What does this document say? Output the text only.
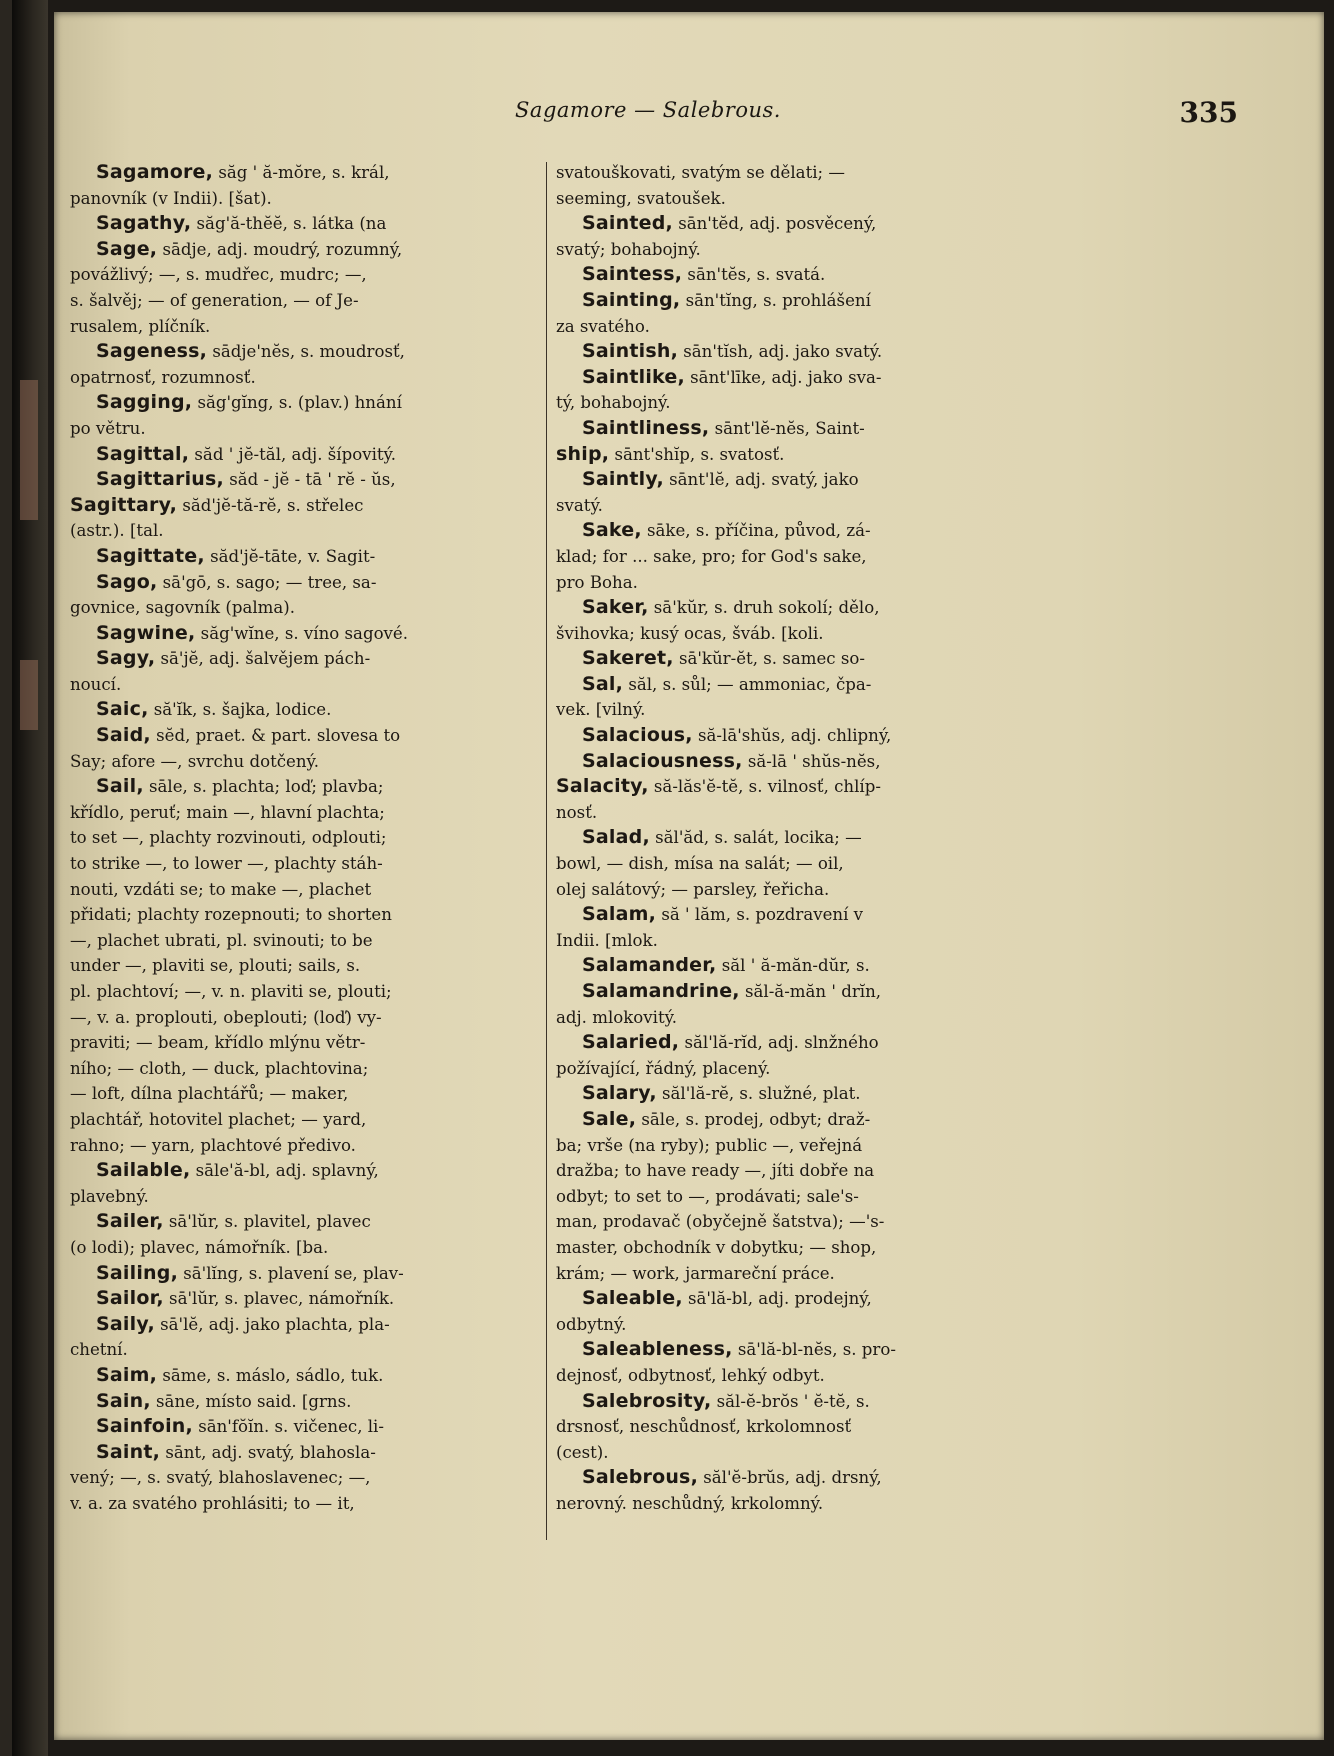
Sagamore — Salebrous.	335
Sagamore, săg ' ă-mŏre, s. král,
panovník (v Indii). [šat).
Sagathy, săg'ă-thĕĕ, s. látka (na
Sage, sādje, adj. moudrý, rozumný,
povážlivý; —, s. mudřec, mudrc; —,
s. šalvěj; — of generation, — of Je-
rusalem, plíčník.
Sageness, sādje'nĕs, s. moudrosť,
opatrnosť, rozumnosť.
Sagging, săg'gĭng, s. (plav.) hnání
po větru.
Sagittal, săd ' jĕ-tăl, adj. šípovitý.
Sagittarius, săd - jĕ - tā ' rĕ - ŭs,
Sagittary, săd'jĕ-tă-rĕ, s. střelec
(astr.). [tal.
Sagittate, săd'jĕ-tāte, v. Sagit-
Sago, sā'gō, s. sago; — tree, sa-
govnice, sagovník (palma).
Sagwine, săg'wĭne, s. víno sagové.
Sagy, sā'jĕ, adj. šalvějem pách-
noucí.
Saic, să'ĭk, s. šajka, lodice.
Said, sĕd, praet. & part. slovesa to
Say; afore —, svrchu dotčený.
Sail, sāle, s. plachta; loď; plavba;
křídlo, peruť; main —, hlavní plachta;
to set —, plachty rozvinouti, odplouti;
to strike —, to lower —, plachty stáh-
nouti, vzdáti se; to make —, plachet
přidati; plachty rozepnouti; to shorten
—, plachet ubrati, pl. svinouti; to be
under —, plaviti se, plouti; sails, s.
pl. plachtoví; —, v. n. plaviti se, plouti;
—, v. a. proplouti, obeplouti; (loď) vy-
praviti; — beam, křídlo mlýnu větr-
ního; — cloth, — duck, plachtovina;
— loft, dílna plachtářů; — maker,
plachtář, hotovitel plachet; — yard,
rahno; — yarn, plachtové předivo.
Sailable, sāle'ă-bl, adj. splavný,
plavebný.
Sailer, sā'lŭr, s. plavitel, plavec
(o lodi); plavec, námořník. [ba.
Sailing, sā'lĭng, s. plavení se, plav-
Sailor, sā'lŭr, s. plavec, námořník.
Saily, sā'lĕ, adj. jako plachta, pla-
chetní.
Saim, sāme, s. máslo, sádlo, tuk.
Sain, sāne, místo said. [grns.
Sainfoin, sān'fŏĭn. s. vičenec, li-
Saint, sānt, adj. svatý, blahosla-
vený; —, s. svatý, blahoslavenec; —,
v. a. za svatého prohlásiti; to — it,
svatouškovati, svatým se dělati; —
seeming, svatoušek.
Sainted, sān'tĕd, adj. posvěcený,
svatý; bohabojný.
Saintess, sān'tĕs, s. svatá.
Sainting, sān'tĭng, s. prohlášení
za svatého.
Saintish, sān'tĭsh, adj. jako svatý.
Saintlike, sānt'līke, adj. jako sva-
tý, bohabojný.
Saintliness, sānt'lĕ-nĕs, Saint-
ship, sānt'shĭp, s. svatosť.
Saintly, sānt'lĕ, adj. svatý, jako
svatý.
Sake, sāke, s. příčina, původ, zá-
klad; for ... sake, pro; for God's sake,
pro Boha.
Saker, sā'kŭr, s. druh sokolí; dělo,
švihovka; kusý ocas, šváb. [koli.
Sakeret, sā'kŭr-ĕt, s. samec so-
Sal, săl, s. sůl; — ammoniac, čpa-
vek. [vilný.
Salacious, să-lā'shŭs, adj. chlipný,
Salaciousness, să-lā ' shŭs-nĕs,
Salacity, să-lăs'ĕ-tĕ, s. vilnosť, chlíp-
nosť.
Salad, săl'ăd, s. salát, locika; —
bowl, — dish, mísa na salát; — oil,
olej salátový; — parsley, řeřicha.
Salam, să ' lăm, s. pozdravení v
Indii. [mlok.
Salamander, săl ' ă-măn-dŭr, s.
Salamandrine, săl-ă-măn ' drĭn,
adj. mlokovitý.
Salaried, săl'lă-rĭd, adj. slnžného
požívající, řádný, placený.
Salary, săl'lă-rĕ, s. služné, plat.
Sale, sāle, s. prodej, odbyt; draž-
ba; vrše (na ryby); public —, veřejná
dražba; to have ready —, jíti dobře na
odbyt; to set to —, prodávati; sale's-
man, prodavač (obyčejně šatstva); —'s-
master, obchodník v dobytku; — shop,
krám; — work, jarmareční práce.
Saleable, sā'lă-bl, adj. prodejný,
odbytný.
Saleableness, sā'lă-bl-nĕs, s. pro-
dejnosť, odbytnosť, lehký odbyt.
Salebrosity, săl-ĕ-brŏs ' ĕ-tĕ, s.
drsnosť, neschůdnosť, krkolomnosť
(cest).
Salebrous, săl'ĕ-brŭs, adj. drsný,
nerovný. neschůdný, krkolomný.
